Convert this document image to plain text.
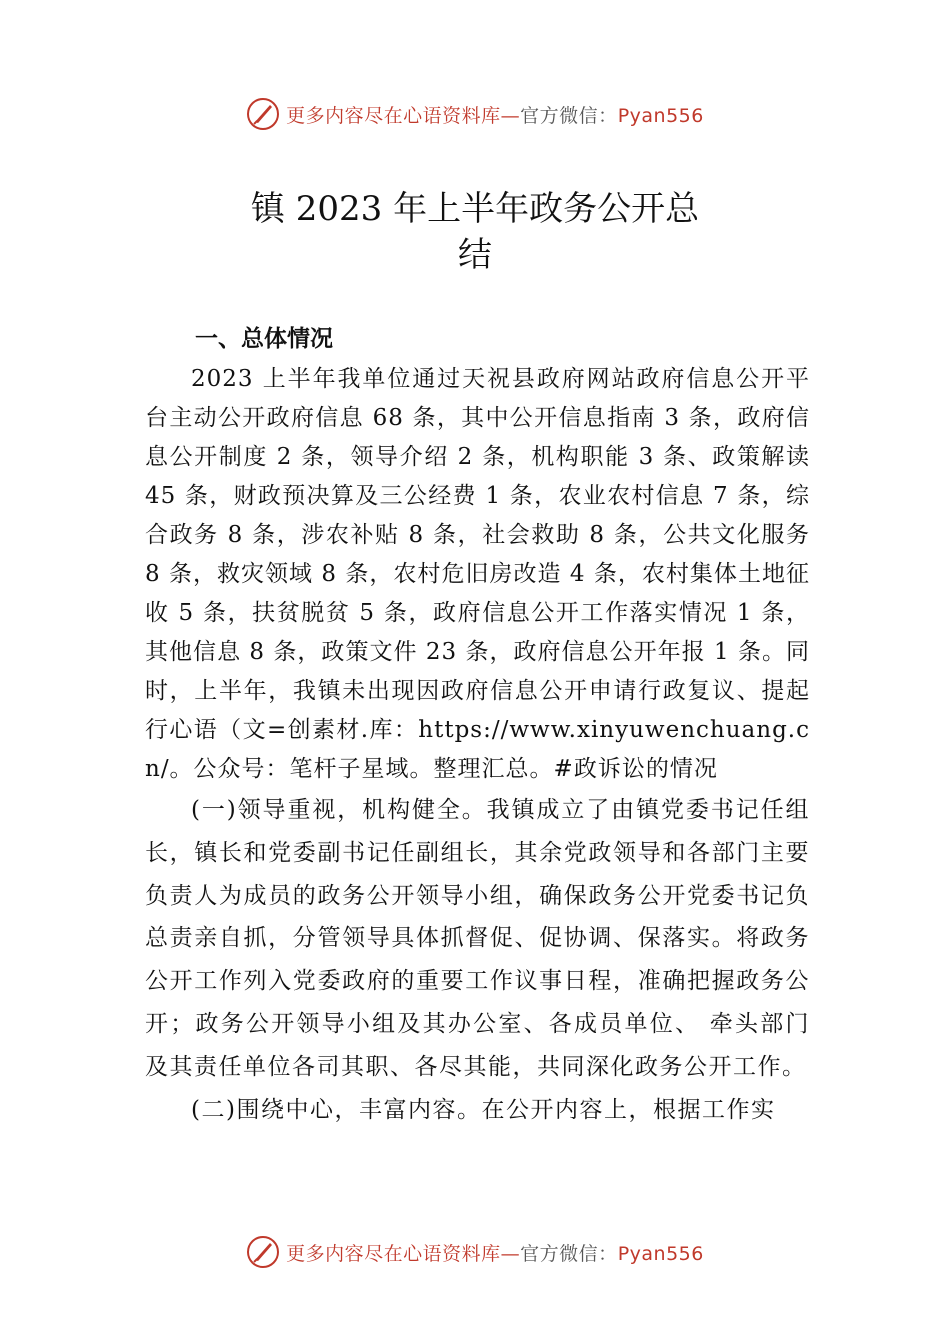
更多内容尽在心语资料库—官方微信：Pyan556
镇 2023 年上半年政务公开总
结
一、总体情况

2023 上半年我单位通过天祝县政府网站政府信息公开平台主动公开政府信息 68 条，其中公开信息指南 3 条，政府信息公开制度 2 条，领导介绍 2 条，机构职能 3 条、政策解读 45 条，财政预决算及三公经费 1 条，农业农村信息 7 条，综合政务 8 条，涉农补贴 8 条，社会救助 8 条，公共文化服务 8 条，救灾领域 8 条，农村危旧房改造 4 条，农村集体土地征收 5 条，扶贫脱贫 5 条，政府信息公开工作落实情况 1 条，其他信息 8 条，政策文件 23 条，政府信息公开年报 1 条。同时，上半年，我镇未出现因政府信息公开申请行政复议、提起行心语（文=创素材.库：https://www.xinyuwenchuang.cn/。公众号：笔杆子星域。整理汇总。#政诉讼的情况

(一)领导重视，机构健全。我镇成立了由镇党委书记任组长，镇长和党委副书记任副组长，其余党政领导和各部门主要负责人为成员的政务公开领导小组，确保政务公开党委书记负总责亲自抓，分管领导具体抓督促、促协调、保落实。将政务公开工作列入党委政府的重要工作议事日程，准确把握政务公开；政务公开领导小组及其办公室、各成员单位、 牵头部门及其责任单位各司其职、各尽其能，共同深化政务公开工作。

(二)围绕中心，丰富内容。在公开内容上，根据工作实

更多内容尽在心语资料库—官方微信：Pyan556
